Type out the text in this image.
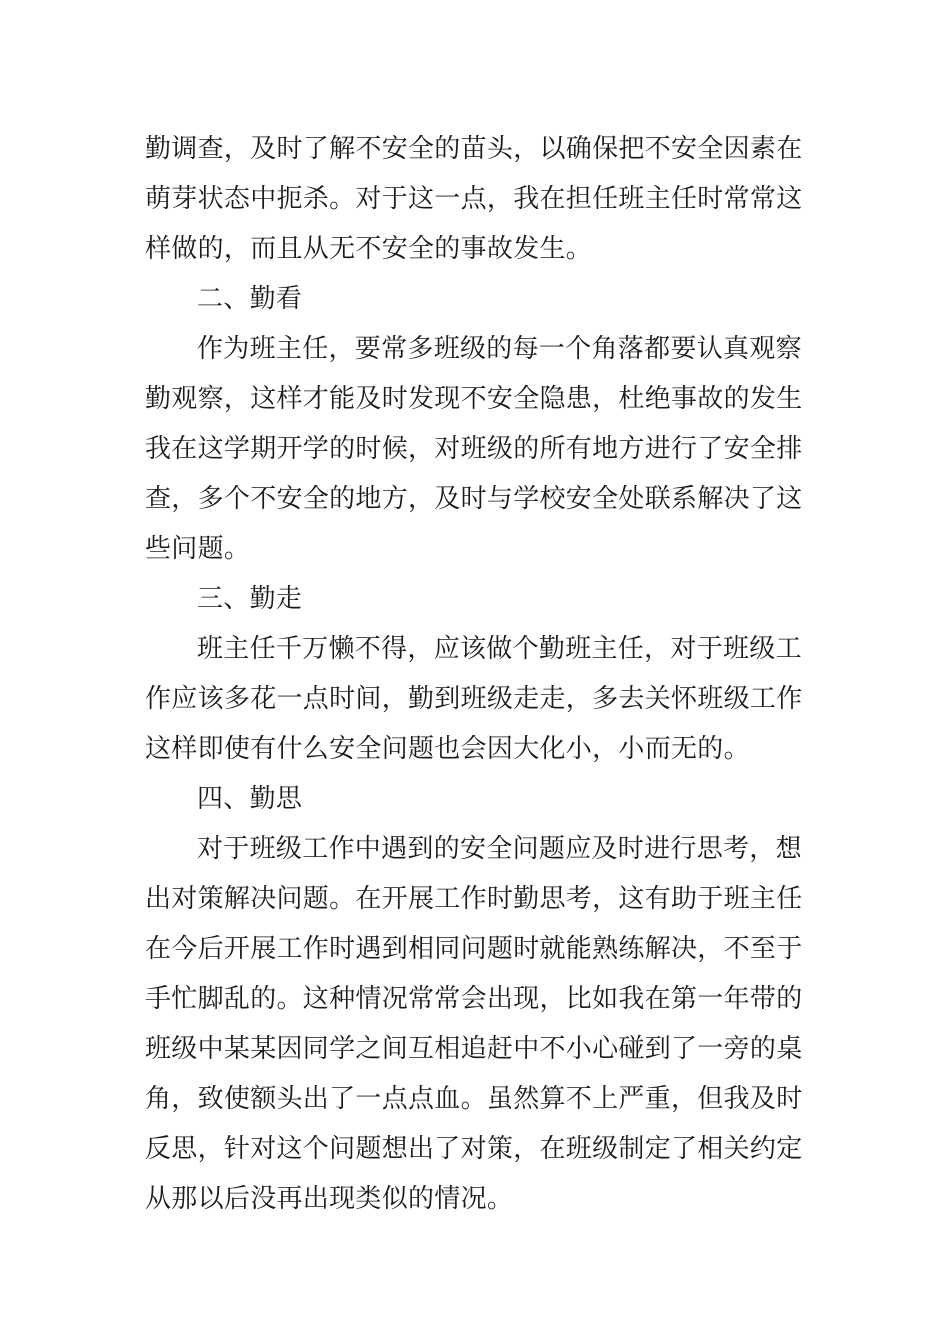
勤调查，及时了解不安全的苗头，以确保把不安全因素在
萌芽状态中扼杀。对于这一点，我在担任班主任时常常这
样做的，而且从无不安全的事故发生。
二、勤看
作为班主任，要常多班级的每一个角落都要认真观察
勤观察，这样才能及时发现不安全隐患，杜绝事故的发生
我在这学期开学的时候，对班级的所有地方进行了安全排
查，多个不安全的地方，及时与学校安全处联系解决了这
些问题。
三、勤走
班主任千万懒不得，应该做个勤班主任，对于班级工
作应该多花一点时间，勤到班级走走，多去关怀班级工作
这样即使有什么安全问题也会因大化小，小而无的。
四、勤思
对于班级工作中遇到的安全问题应及时进行思考，想
出对策解决问题。在开展工作时勤思考，这有助于班主任
在今后开展工作时遇到相同问题时就能熟练解决，不至于
手忙脚乱的。这种情况常常会出现，比如我在第一年带的
班级中某某因同学之间互相追赶中不小心碰到了一旁的桌
角，致使额头出了一点点血。虽然算不上严重，但我及时
反思，针对这个问题想出了对策，在班级制定了相关约定
从那以后没再出现类似的情况。
